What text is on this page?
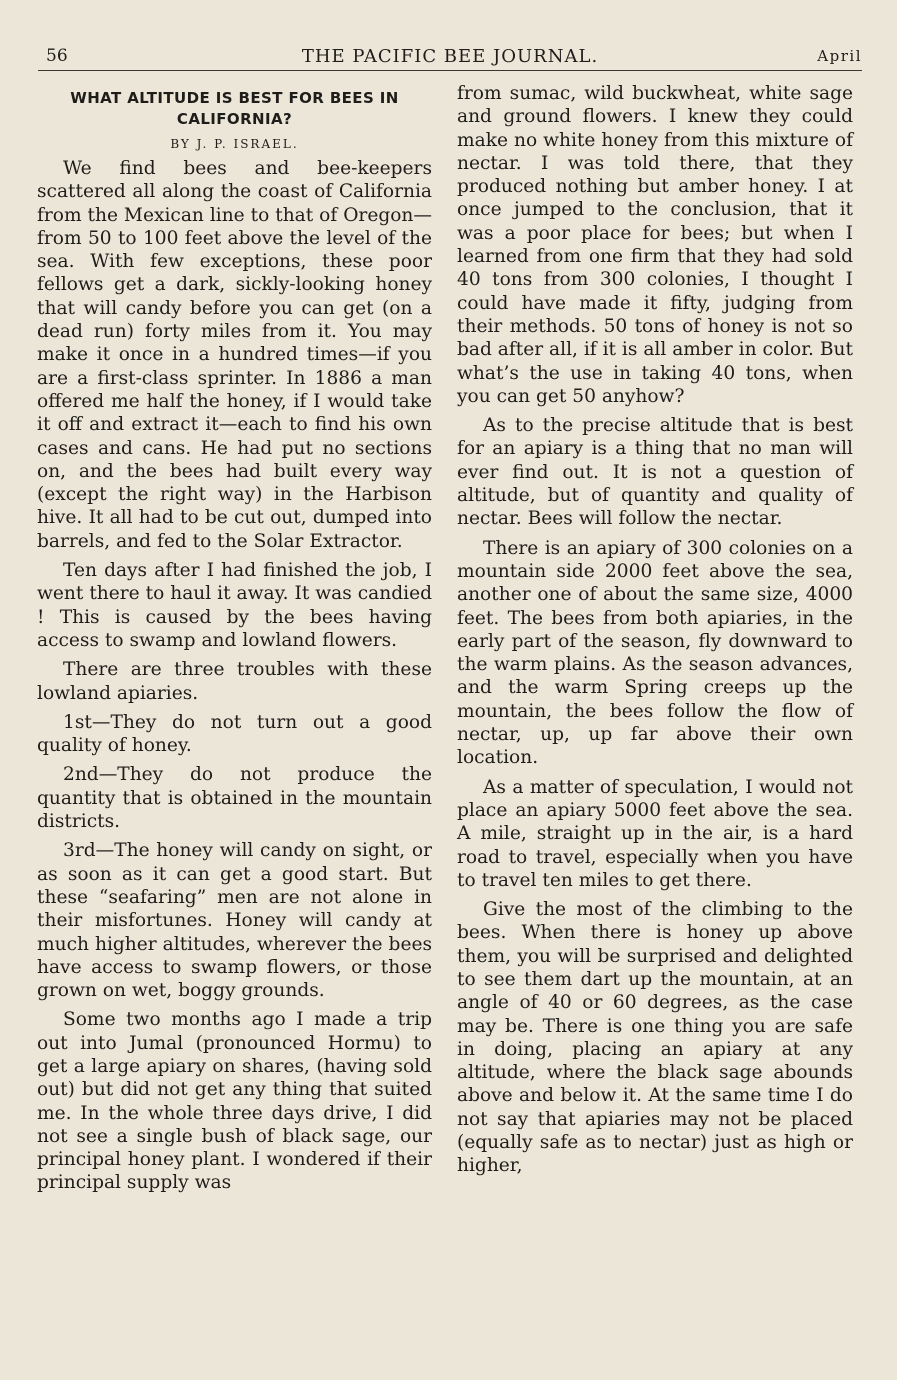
56	THE PACIFIC BEE JOURNAL.	April
WHAT ALTITUDE IS BEST FOR BEES IN CALIFORNIA?
BY J. P. ISRAEL.

We find bees and bee-keepers scattered all along the coast of California from the Mexican line to that of Oregon—from 50 to 100 feet above the level of the sea. With few exceptions, these poor fellows get a dark, sickly-looking honey that will candy before you can get (on a dead run) forty miles from it. You may make it once in a hundred times—if you are a first-class sprinter. In 1886 a man offered me half the honey, if I would take it off and extract it—each to find his own cases and cans. He had put no sections on, and the bees had built every way (except the right way) in the Harbison hive. It all had to be cut out, dumped into barrels, and fed to the Solar Extractor.

Ten days after I had finished the job, I went there to haul it away. It was candied ! This is caused by the bees having access to swamp and lowland flowers.

There are three troubles with these lowland apiaries.

1st—They do not turn out a good quality of honey.

2nd—They do not produce the quantity that is obtained in the mountain districts.

3rd—The honey will candy on sight, or as soon as it can get a good start. But these “seafaring” men are not alone in their misfortunes. Honey will candy at much higher altitudes, wherever the bees have access to swamp flowers, or those grown on wet, boggy grounds.

Some two months ago I made a trip out into Jumal (pronounced Hormu) to get a large apiary on shares, (having sold out) but did not get any thing that suited me. In the whole three days drive, I did not see a single bush of black sage, our principal honey plant. I wondered if their principal supply was

from sumac, wild buckwheat, white sage and ground flowers. I knew they could make no white honey from this mixture of nectar. I was told there, that they produced nothing but amber honey. I at once jumped to the conclusion, that it was a poor place for bees; but when I learned from one firm that they had sold 40 tons from 300 colonies, I thought I could have made it fifty, judging from their methods. 50 tons of honey is not so bad after all, if it is all amber in color. But what’s the use in taking 40 tons, when you can get 50 anyhow?

As to the precise altitude that is best for an apiary is a thing that no man will ever find out. It is not a question of altitude, but of quantity and quality of nectar. Bees will follow the nectar.

There is an apiary of 300 colonies on a mountain side 2000 feet above the sea, another one of about the same size, 4000 feet. The bees from both apiaries, in the early part of the season, fly downward to the warm plains. As the season advances, and the warm Spring creeps up the mountain, the bees follow the flow of nectar, up, up far above their own location.

As a matter of speculation, I would not place an apiary 5000 feet above the sea. A mile, straight up in the air, is a hard road to travel, especially when you have to travel ten miles to get there.

Give the most of the climbing to the bees. When there is honey up above them, you will be surprised and delighted to see them dart up the mountain, at an angle of 40 or 60 degrees, as the case may be. There is one thing you are safe in doing, placing an apiary at any altitude, where the black sage abounds above and below it. At the same time I do not say that apiaries may not be placed (equally safe as to nectar) just as high or higher,
